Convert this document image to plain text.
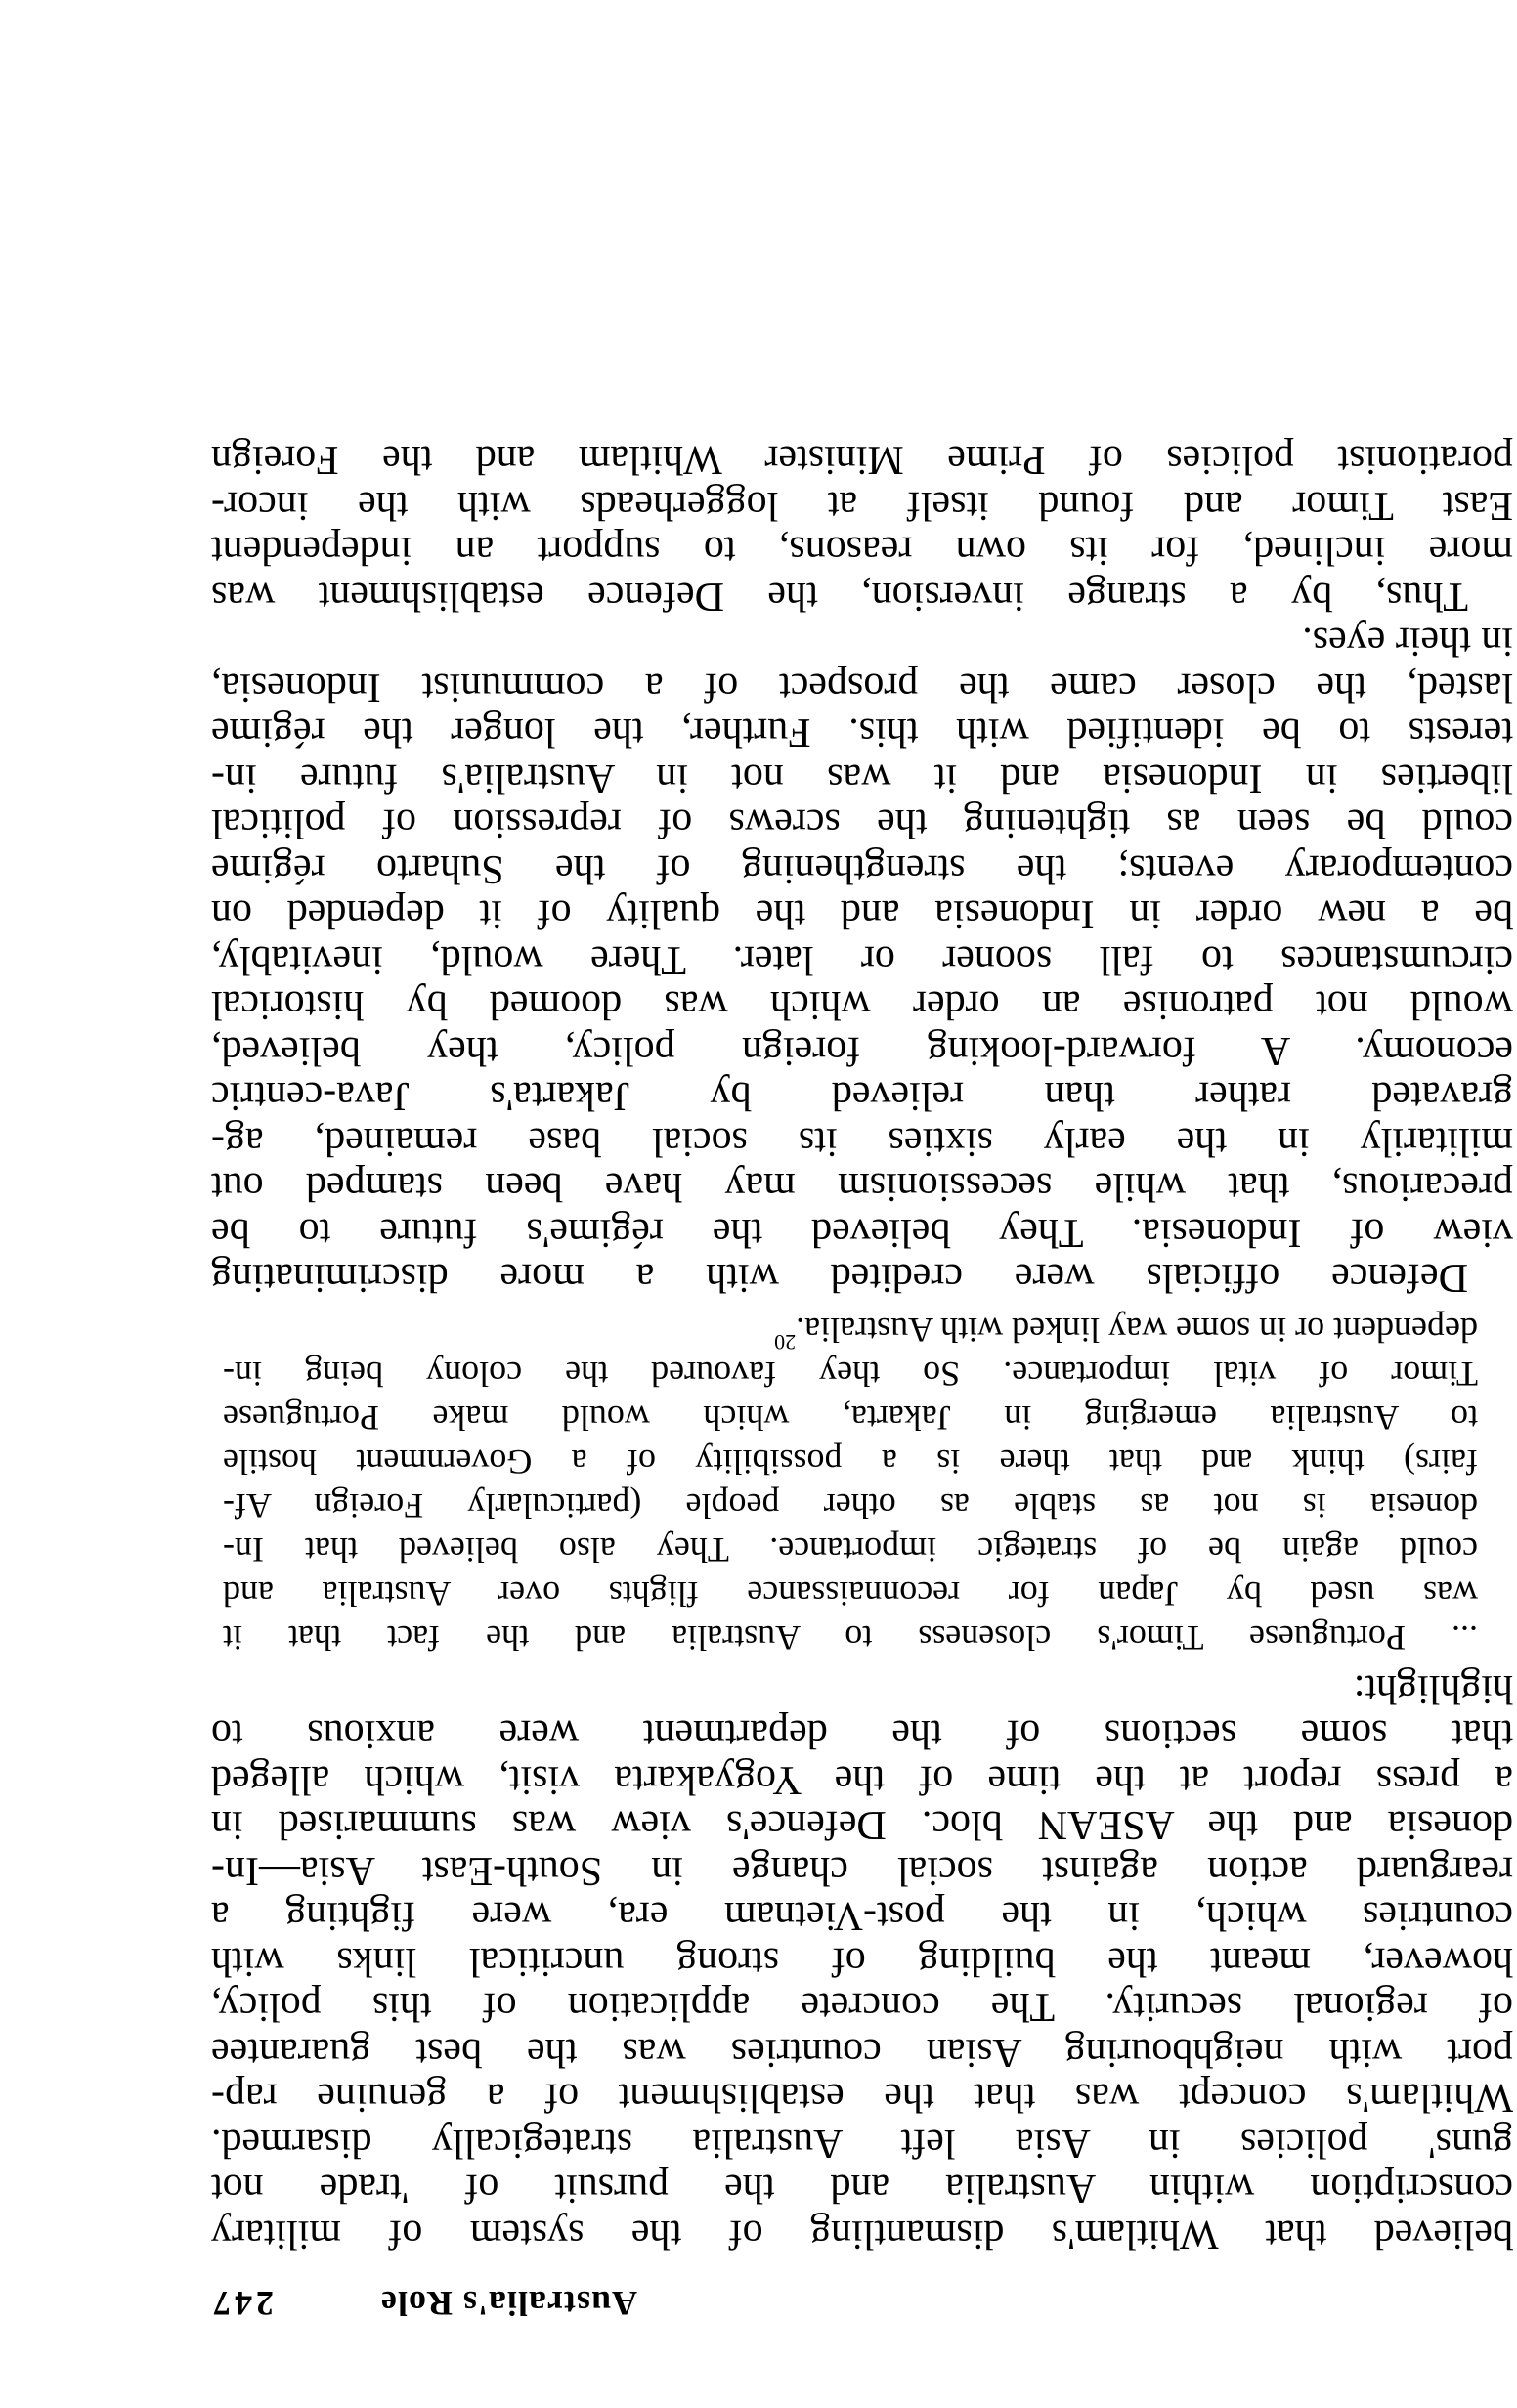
Australia's Role
247
believed that Whitlam's dismantling of the system of military
conscription within Australia and the pursuit of 'trade not
guns' policies in Asia left Australia strategically disarmed.
Whitlam's concept was that the establishment of a genuine rap-
port with neighbouring Asian countries was the best guarantee
of regional security. The concrete application of this policy,
however, meant the building of strong uncritical links with
countries which, in the post-Vietnam era, were fighting a
rearguard action against social change in South-East Asia—In-
donesia and the ASEAN bloc. Defence's view was summarised in
a press report at the time of the Yogyakarta visit, which alleged
that some sections of the department were anxious to
highlight:
... Portuguese Timor's closeness to Australia and the fact that it
was used by Japan for reconnaissance flights over Australia and
could again be of strategic importance. They also believed that In-
donesia is not as stable as other people (particularly Foreign Af-
fairs) think and that there is a possibility of a Government hostile
to Australia emerging in Jakarta, which would make Portuguese
Timor of vital importance. So they favoured the colony being in-
dependent or in some way linked with Australia.$^{20}$
Defence officials were credited with a more discriminating
view of Indonesia. They believed the régime's future to be
precarious, that while secessionism may have been stamped out
militarily in the early sixties its social base remained, ag-
gravated rather than relieved by Jakarta's Java-centric
economy. A forward-looking foreign policy, they believed,
would not patronise an order which was doomed by historical
circumstances to fall sooner or later. There would, inevitably,
be a new order in Indonesia and the quality of it depended on
contemporary events; the strengthening of the Suharto régime
could be seen as tightening the screws of repression of political
liberties in Indonesia and it was not in Australia's future in-
terests to be identified with this. Further, the longer the régime
lasted, the closer came the prospect of a communist Indonesia,
in their eyes.
Thus, by a strange inversion, the Defence establishment was
more inclined, for its own reasons, to support an independent
East Timor and found itself at loggerheads with the incor-
porationist policies of Prime Minister Whitlam and the Foreign
